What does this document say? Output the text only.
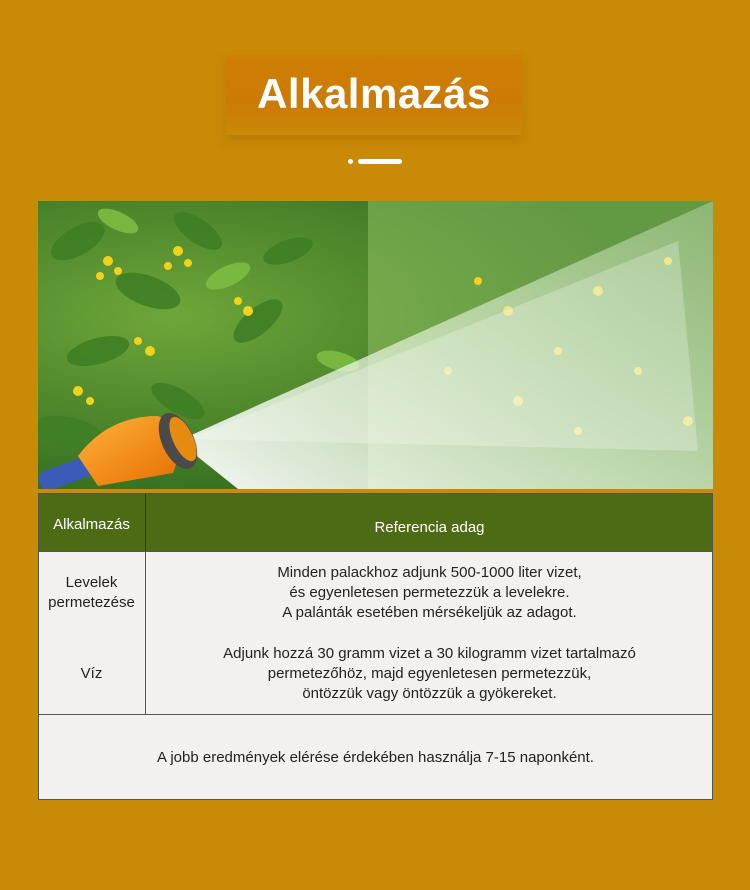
Alkalmazás
Alkalmazás	Referencia adag
Levelek
permetezése
Minden palackhoz adjunk 500-1000 liter vizet,
és egyenletesen permetezzük a levelekre.
A palánták esetében mérsékeljük az adagot.
Víz
Adjunk hozzá 30 gramm vizet a 30 kilogramm vizet tartalmazó
permetezőhöz, majd egyenletesen permetezzük,
öntözzük vagy öntözzük a gyökereket.
A jobb eredmények elérése érdekében használja 7-15 naponként.
